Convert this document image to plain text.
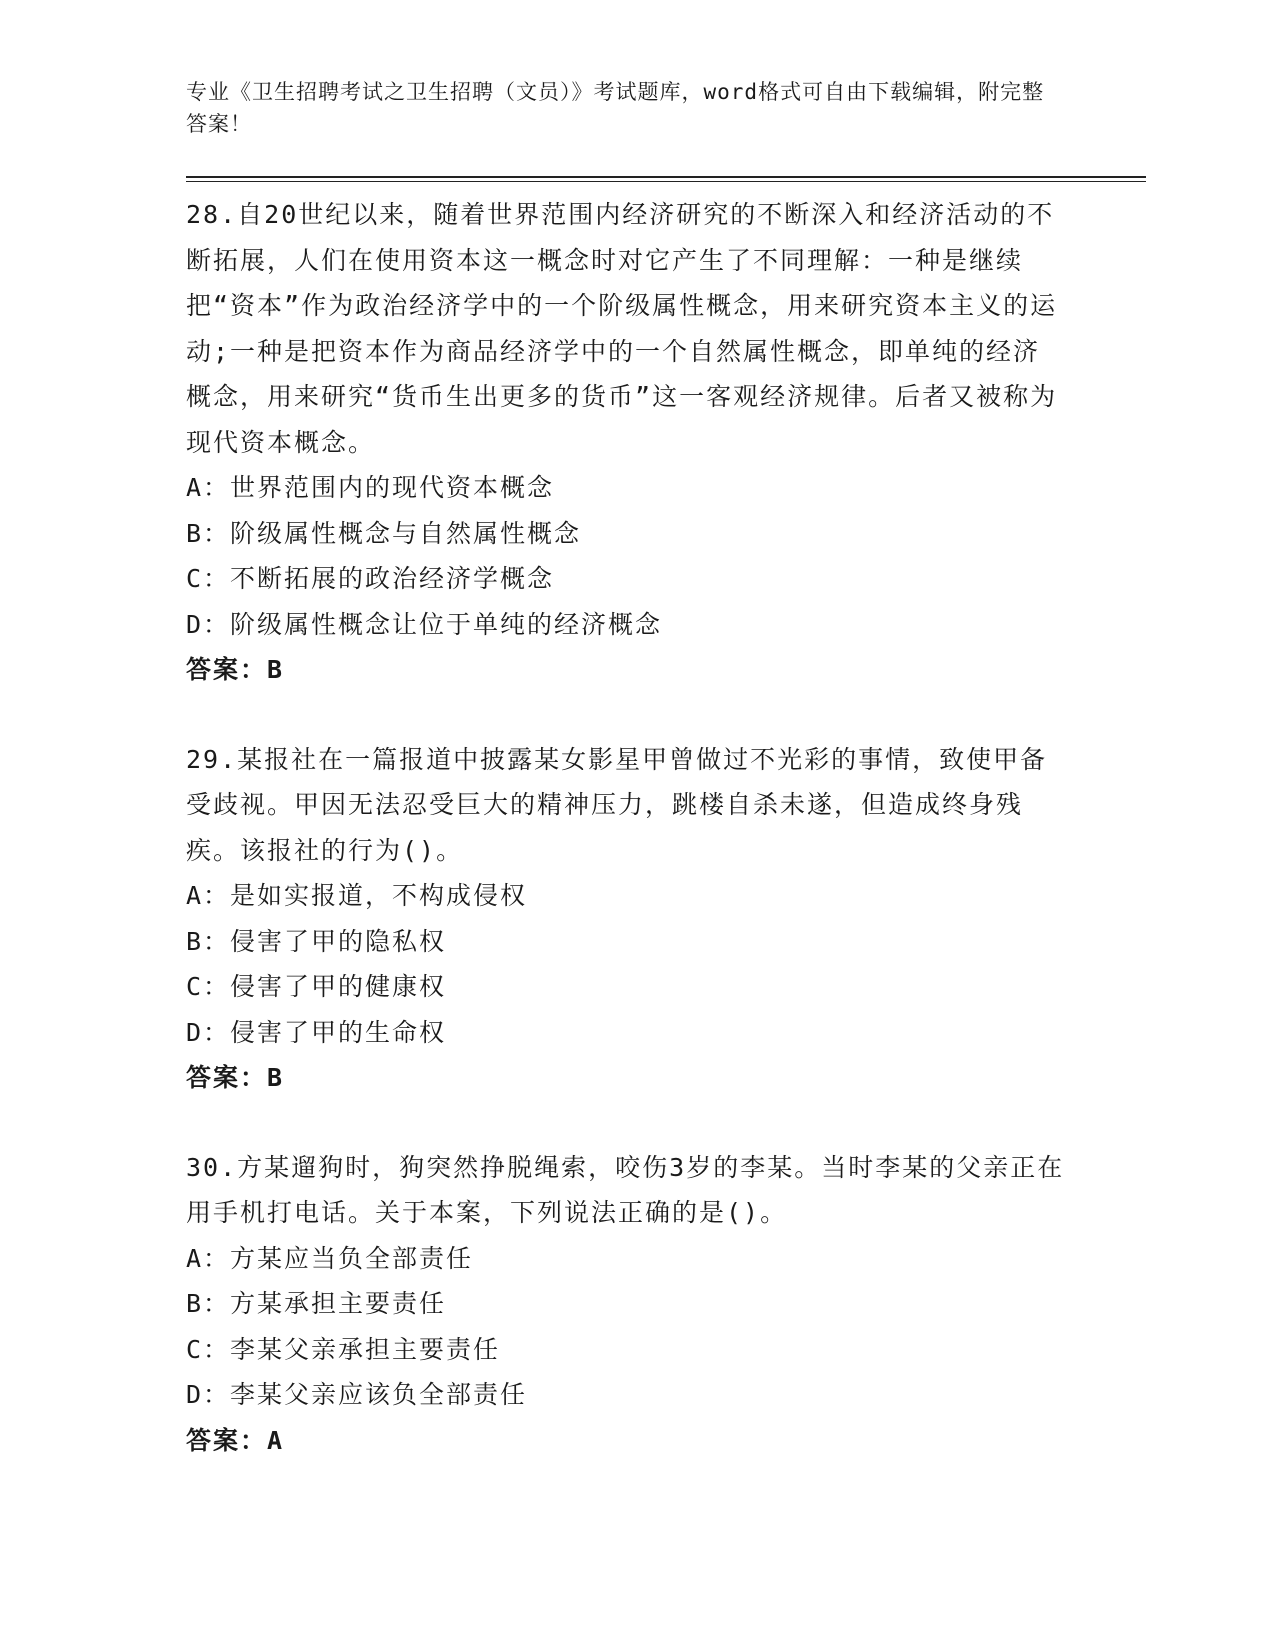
专业《卫生招聘考试之卫生招聘（文员）》考试题库，word格式可自由下载编辑，附完整答案！

28.自20世纪以来，随着世界范围内经济研究的不断深入和经济活动的不断拓展，人们在使用资本这一概念时对它产生了不同理解：一种是继续把“资本”作为政治经济学中的一个阶级属性概念，用来研究资本主义的运动;一种是把资本作为商品经济学中的一个自然属性概念，即单纯的经济概念，用来研究“货币生出更多的货币”这一客观经济规律。后者又被称为现代资本概念。

A：世界范围内的现代资本概念

B：阶级属性概念与自然属性概念

C：不断拓展的政治经济学概念

D：阶级属性概念让位于单纯的经济概念

答案：B

29.某报社在一篇报道中披露某女影星甲曾做过不光彩的事情，致使甲备受歧视。甲因无法忍受巨大的精神压力，跳楼自杀未遂，但造成终身残疾。该报社的行为()。

A：是如实报道，不构成侵权

B：侵害了甲的隐私权

C：侵害了甲的健康权

D：侵害了甲的生命权

答案：B

30.方某遛狗时，狗突然挣脱绳索，咬伤3岁的李某。当时李某的父亲正在用手机打电话。关于本案，下列说法正确的是()。

A：方某应当负全部责任

B：方某承担主要责任

C：李某父亲承担主要责任

D：李某父亲应该负全部责任

答案：A
